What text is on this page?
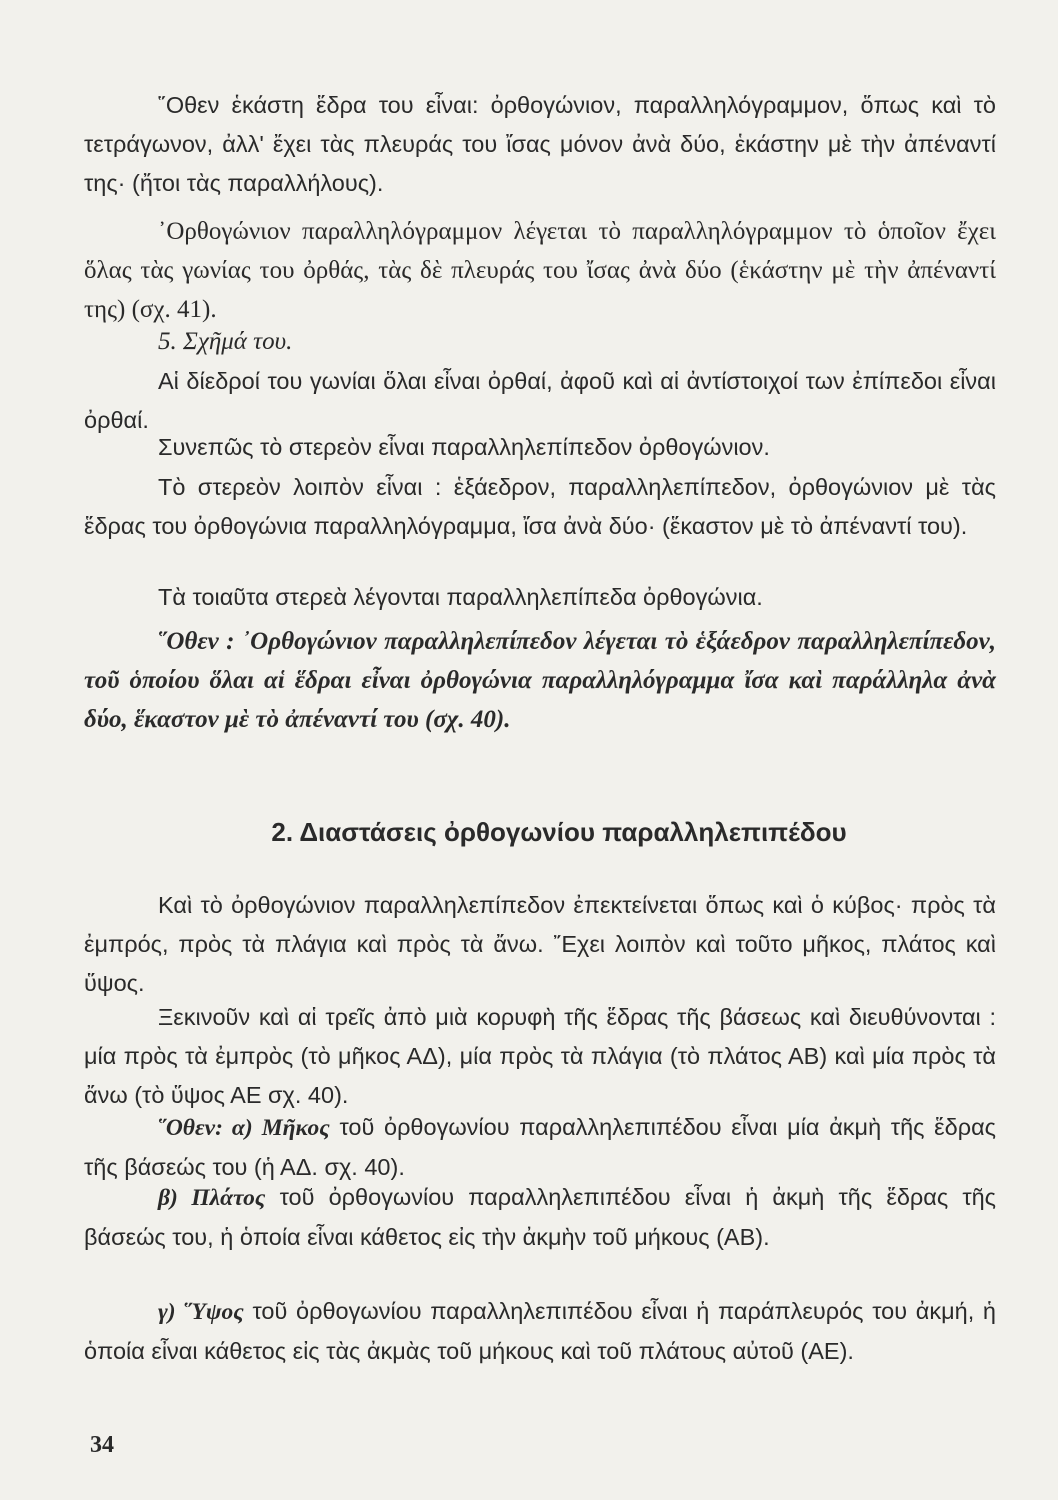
῞Οθεν ἑκάστη ἕδρα του εἶναι: ὀρθογώνιον, παραλληλόγραμμον, ὅπως καὶ τὸ τετράγωνον, ἀλλ' ἔχει τὰς πλευράς του ἴσας μόνον ἀνὰ δύο, ἑκάστην μὲ τὴν ἀπέναντί της· (ἤτοι τὰς παραλλήλους).

᾿Ορθογώνιον παραλληλόγραμμον λέγεται τὸ παραλληλόγραμμον τὸ ὁποῖον ἔχει ὅλας τὰς γωνίας του ὀρθάς, τὰς δὲ πλευράς του ἴσας ἀνὰ δύο (ἑκάστην μὲ τὴν ἀπέναντί της) (σχ. 41).

5. Σχῆμά του.

Αἱ δίεδροί του γωνίαι ὅλαι εἶναι ὀρθαί, ἀφοῦ καὶ αἱ ἀντίστοιχοί των ἐπίπεδοι εἶναι ὀρθαί.

Συνεπῶς τὸ στερεὸν εἶναι παραλληλεπίπεδον ὀρθογώνιον.

Τὸ στερεὸν λοιπὸν εἶναι : ἑξάεδρον, παραλληλεπίπεδον, ὀρθογώνιον μὲ τὰς ἕδρας του ὀρθογώνια παραλληλόγραμμα, ἴσα ἀνὰ δύο· (ἕκαστον μὲ τὸ ἀπέναντί του).

Τὰ τοιαῦτα στερεὰ λέγονται παραλληλεπίπεδα ὀρθογώνια.

῞Οθεν : ᾿Ορθογώνιον παραλληλεπίπεδον λέγεται τὸ ἑξάεδρον παραλληλεπίπεδον, τοῦ ὁποίου ὅλαι αἱ ἕδραι εἶναι ὀρθογώνια παραλληλόγραμμα ἴσα καὶ παράλληλα ἀνὰ δύο, ἕκαστον μὲ τὸ ἀπέναντί του (σχ. 40).

2. Διαστάσεις ὀρθογωνίου παραλληλεπιπέδου

Καὶ τὸ ὀρθογώνιον παραλληλεπίπεδον ἐπεκτείνεται ὅπως καὶ ὁ κύβος· πρὸς τὰ ἐμπρός, πρὸς τὰ πλάγια καὶ πρὸς τὰ ἄνω. ῎Εχει λοιπὸν καὶ τοῦτο μῆκος, πλάτος καὶ ὕψος.

Ξεκινοῦν καὶ αἱ τρεῖς ἀπὸ μιὰ κορυφὴ τῆς ἕδρας τῆς βάσεως καὶ διευθύνονται : μία πρὸς τὰ ἐμπρὸς (τὸ μῆκος ΑΔ), μία πρὸς τὰ πλάγια (τὸ πλάτος ΑΒ) καὶ μία πρὸς τὰ ἄνω (τὸ ὕψος ΑΕ σχ. 40).

῞Οθεν: α) Μῆκος τοῦ ὀρθογωνίου παραλληλεπιπέδου εἶναι μία ἀκμὴ τῆς ἕδρας τῆς βάσεώς του (ἡ ΑΔ. σχ. 40).

β) Πλάτος τοῦ ὀρθογωνίου παραλληλεπιπέδου εἶναι ἡ ἀκμὴ τῆς ἕδρας τῆς βάσεώς του, ἡ ὁποία εἶναι κάθετος εἰς τὴν ἀκμὴν τοῦ μήκους (ΑΒ).

γ) ῞Υψος τοῦ ὀρθογωνίου παραλληλεπιπέδου εἶναι ἡ παράπλευρός του ἀκμή, ἡ ὁποία εἶναι κάθετος εἰς τὰς ἀκμὰς τοῦ μήκους καὶ τοῦ πλάτους αὐτοῦ (ΑΕ).

34
